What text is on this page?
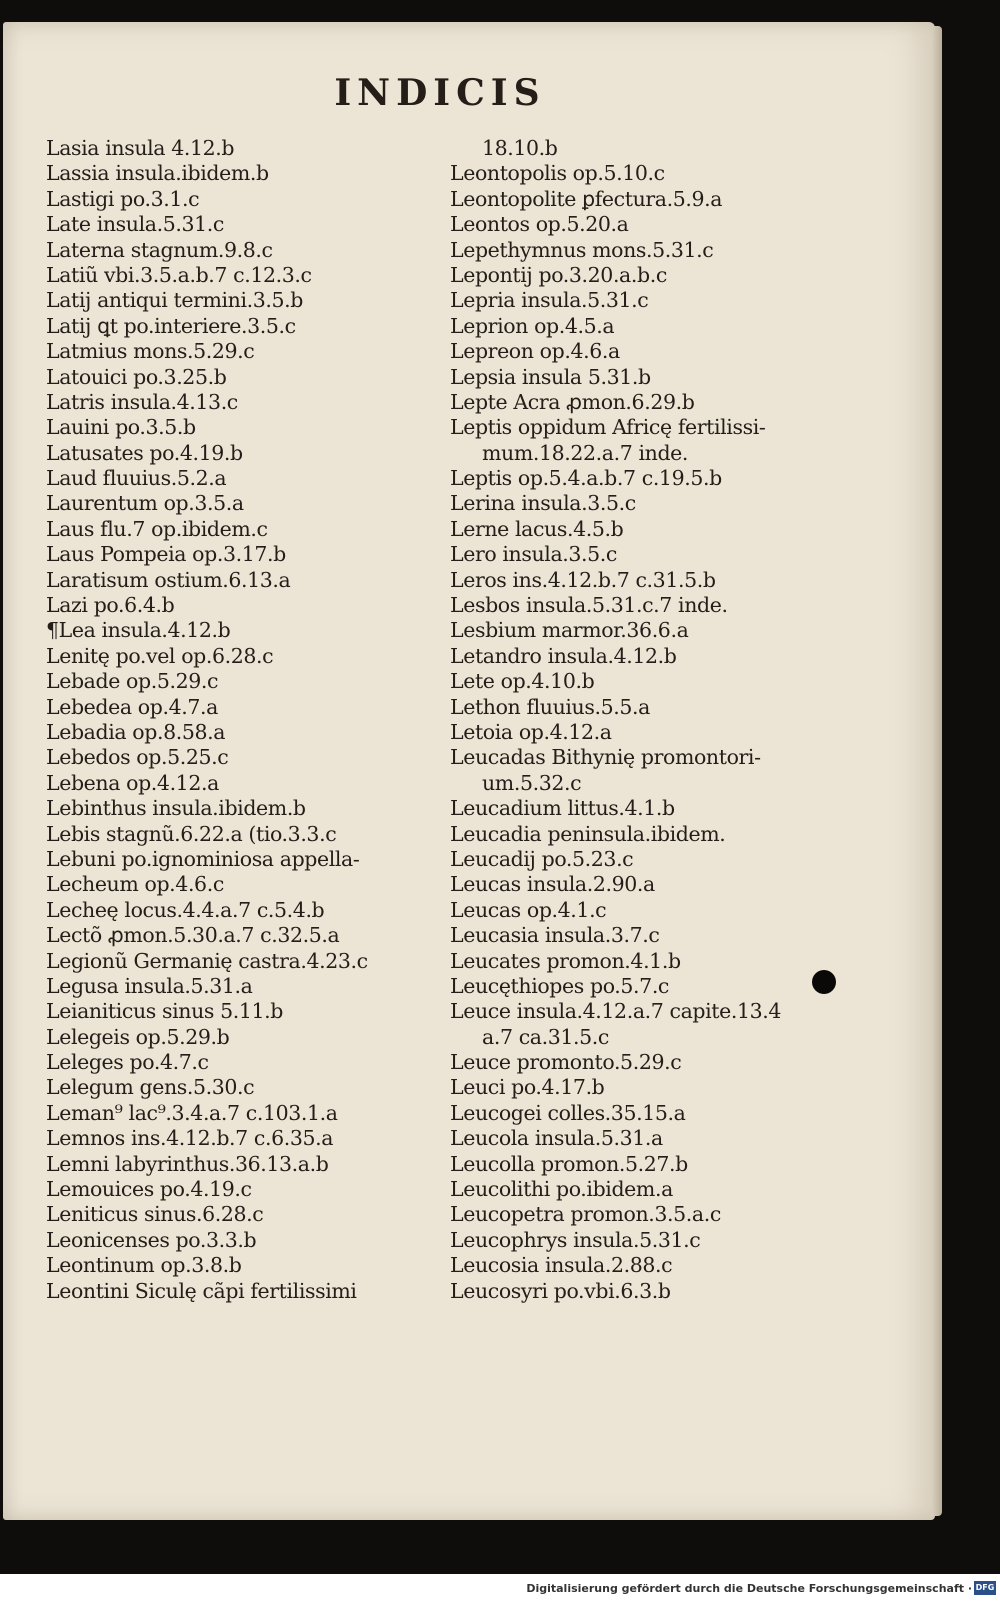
INDICIS
Lasia insula 4.12.b
Lassia insula.ibidem.b
Lastigi po.3.1.c
Late insula.5.31.c
Laterna stagnum.9.8.c
Latiũ vbi.3.5.a.b.7 c.12.3.c
Latij antiqui termini.3.5.b
Latij ꝗt po.interiere.3.5.c
Latmius mons.5.29.c
Latouici po.3.25.b
Latris insula.4.13.c
Lauini po.3.5.b
Latusates po.4.19.b
Laud fluuius.5.2.a
Laurentum op.3.5.a
Laus flu.7 op.ibidem.c
Laus Pompeia op.3.17.b
Laratisum ostium.6.13.a
Lazi po.6.4.b
¶Lea insula.4.12.b
Lenitę po.vel op.6.28.c
Lebade op.5.29.c
Lebedea op.4.7.a
Lebadia op.8.58.a
Lebedos op.5.25.c
Lebena op.4.12.a
Lebinthus insula.ibidem.b
Lebis stagnũ.6.22.a (tio.3.3.c
Lebuni po.ignominiosa appella-
Lecheum op.4.6.c
Lecheę locus.4.4.a.7 c.5.4.b
Lectõ ꝓmon.5.30.a.7 c.32.5.a
Legionũ Germanię castra.4.23.c
Legusa insula.5.31.a
Leianiticus sinus 5.11.b
Lelegeis op.5.29.b
Leleges po.4.7.c
Lelegum gens.5.30.c
Leman⁹ lac⁹.3.4.a.7 c.103.1.a
Lemnos ins.4.12.b.7 c.6.35.a
Lemni labyrinthus.36.13.a.b
Lemouices po.4.19.c
Leniticus sinus.6.28.c
Leonicenses po.3.3.b
Leontinum op.3.8.b
Leontini Siculę cãpi fertilissimi
18.10.b
Leontopolis op.5.10.c
Leontopolite ꝑfectura.5.9.a
Leontos op.5.20.a
Lepethymnus mons.5.31.c
Lepontij po.3.20.a.b.c
Lepria insula.5.31.c
Leprion op.4.5.a
Lepreon op.4.6.a
Lepsia insula 5.31.b
Lepte Acra ꝓmon.6.29.b
Leptis oppidum Africę fertilissi-
mum.18.22.a.7 inde.
Leptis op.5.4.a.b.7 c.19.5.b
Lerina insula.3.5.c
Lerne lacus.4.5.b
Lero insula.3.5.c
Leros ins.4.12.b.7 c.31.5.b
Lesbos insula.5.31.c.7 inde.
Lesbium marmor.36.6.a
Letandro insula.4.12.b
Lete op.4.10.b
Lethon fluuius.5.5.a
Letoia op.4.12.a
Leucadas Bithynię promontori-
um.5.32.c
Leucadium littus.4.1.b
Leucadia peninsula.ibidem.
Leucadij po.5.23.c
Leucas insula.2.90.a
Leucas op.4.1.c
Leucasia insula.3.7.c
Leucates promon.4.1.b
Leucęthiopes po.5.7.c
Leuce insula.4.12.a.7 capite.13.4
a.7 ca.31.5.c
Leuce promonto.5.29.c
Leuci po.4.17.b
Leucogei colles.35.15.a
Leucola insula.5.31.a
Leucolla promon.5.27.b
Leucolithi po.ibidem.a
Leucopetra promon.3.5.a.c
Leucophrys insula.5.31.c
Leucosia insula.2.88.c
Leucosyri po.vbi.6.3.b
Digitalisierung gefördert durch die Deutsche Forschungsgemeinschaft · DFG
